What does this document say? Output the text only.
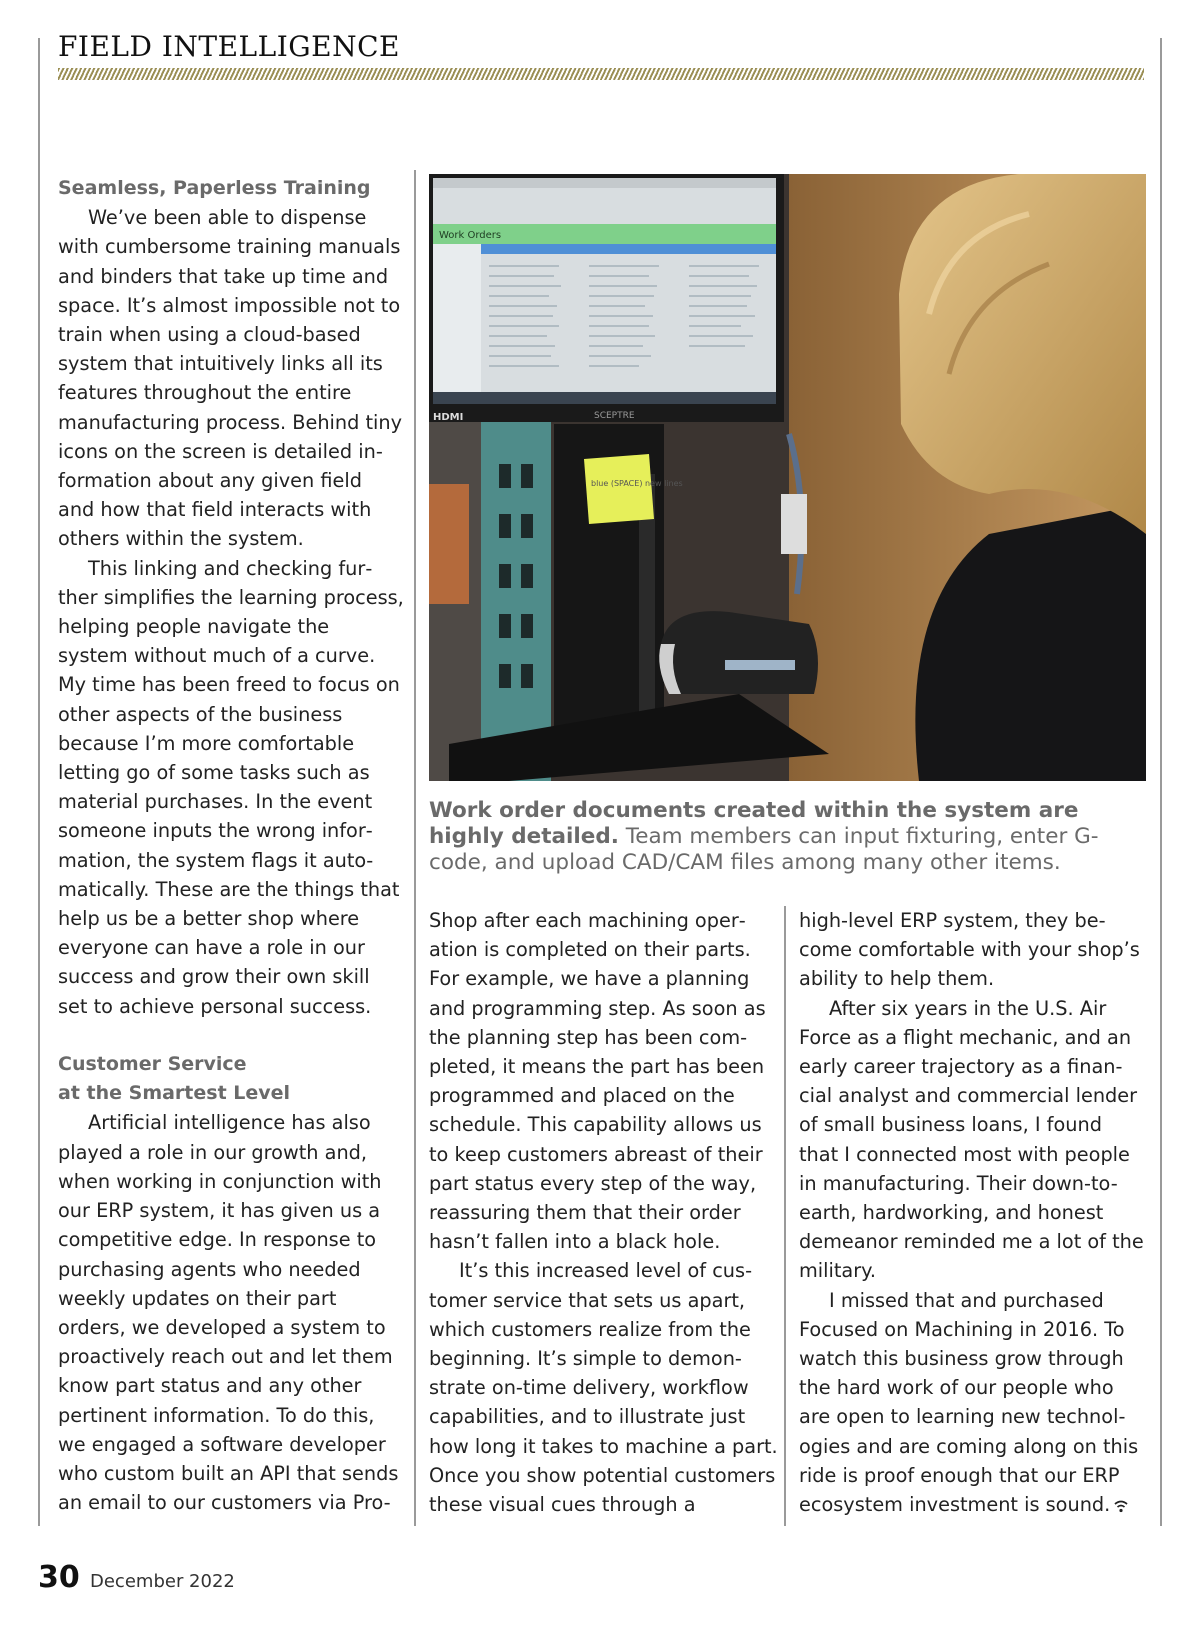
FIELD INTELLIGENCE
Seamless, Paperless Training

We’ve been able to dispense with cumbersome training manuals and binders that take up time and space. It’s almost impossible not to train when using a cloud-based system that intuitively links all its features throughout the entire manufacturing process. Behind tiny icons on the screen is detailed information about any given field and how that field interacts with others within the system.

This linking and checking further simplifies the learning process, helping people navigate the system without much of a curve. My time has been freed to focus on other aspects of the business because I’m more comfortable letting go of some tasks such as material purchases. In the event someone inputs the wrong information, the system flags it automatically. These are the things that help us be a better shop where everyone can have a role in our success and grow their own skill set to achieve personal success.

Customer Service
at the Smartest Level

Artificial intelligence has also played a role in our growth and, when working in conjunction with our ERP system, it has given us a competitive edge. In response to purchasing agents who needed weekly updates on their part orders, we developed a system to proactively reach out and let them know part status and any other pertinent information. To do this, we engaged a software developer who custom built an API that sends an email to our customers via Pro-

blue (SPACE) new lines
Work Orders
HDMI	SCEPTRE
Work order documents created within the system are highly detailed. Team members can input fixturing, enter G-code, and upload CAD/CAM files among many other items.

Shop after each machining operation is completed on their parts. For example, we have a planning and programming step. As soon as the planning step has been completed, it means the part has been programmed and placed on the schedule. This capability allows us to keep customers abreast of their part status every step of the way, reassuring them that their order hasn’t fallen into a black hole.

It’s this increased level of customer service that sets us apart, which customers realize from the beginning. It’s simple to demonstrate on-time delivery, workflow capabilities, and to illustrate just how long it takes to machine a part. Once you show potential customers these visual cues through a

high-level ERP system, they become comfortable with your shop’s ability to help them.

After six years in the U.S. Air Force as a flight mechanic, and an early career trajectory as a financial analyst and commercial lender of small business loans, I found that I connected most with people in manufacturing. Their down-to-earth, hardworking, and honest demeanor reminded me a lot of the military.

I missed that and purchased Focused on Machining in 2016. To watch this business grow through the hard work of our people who are open to learning new technologies and are coming along on this ride is proof enough that our ERP ecosystem investment is sound.

30 December 2022
